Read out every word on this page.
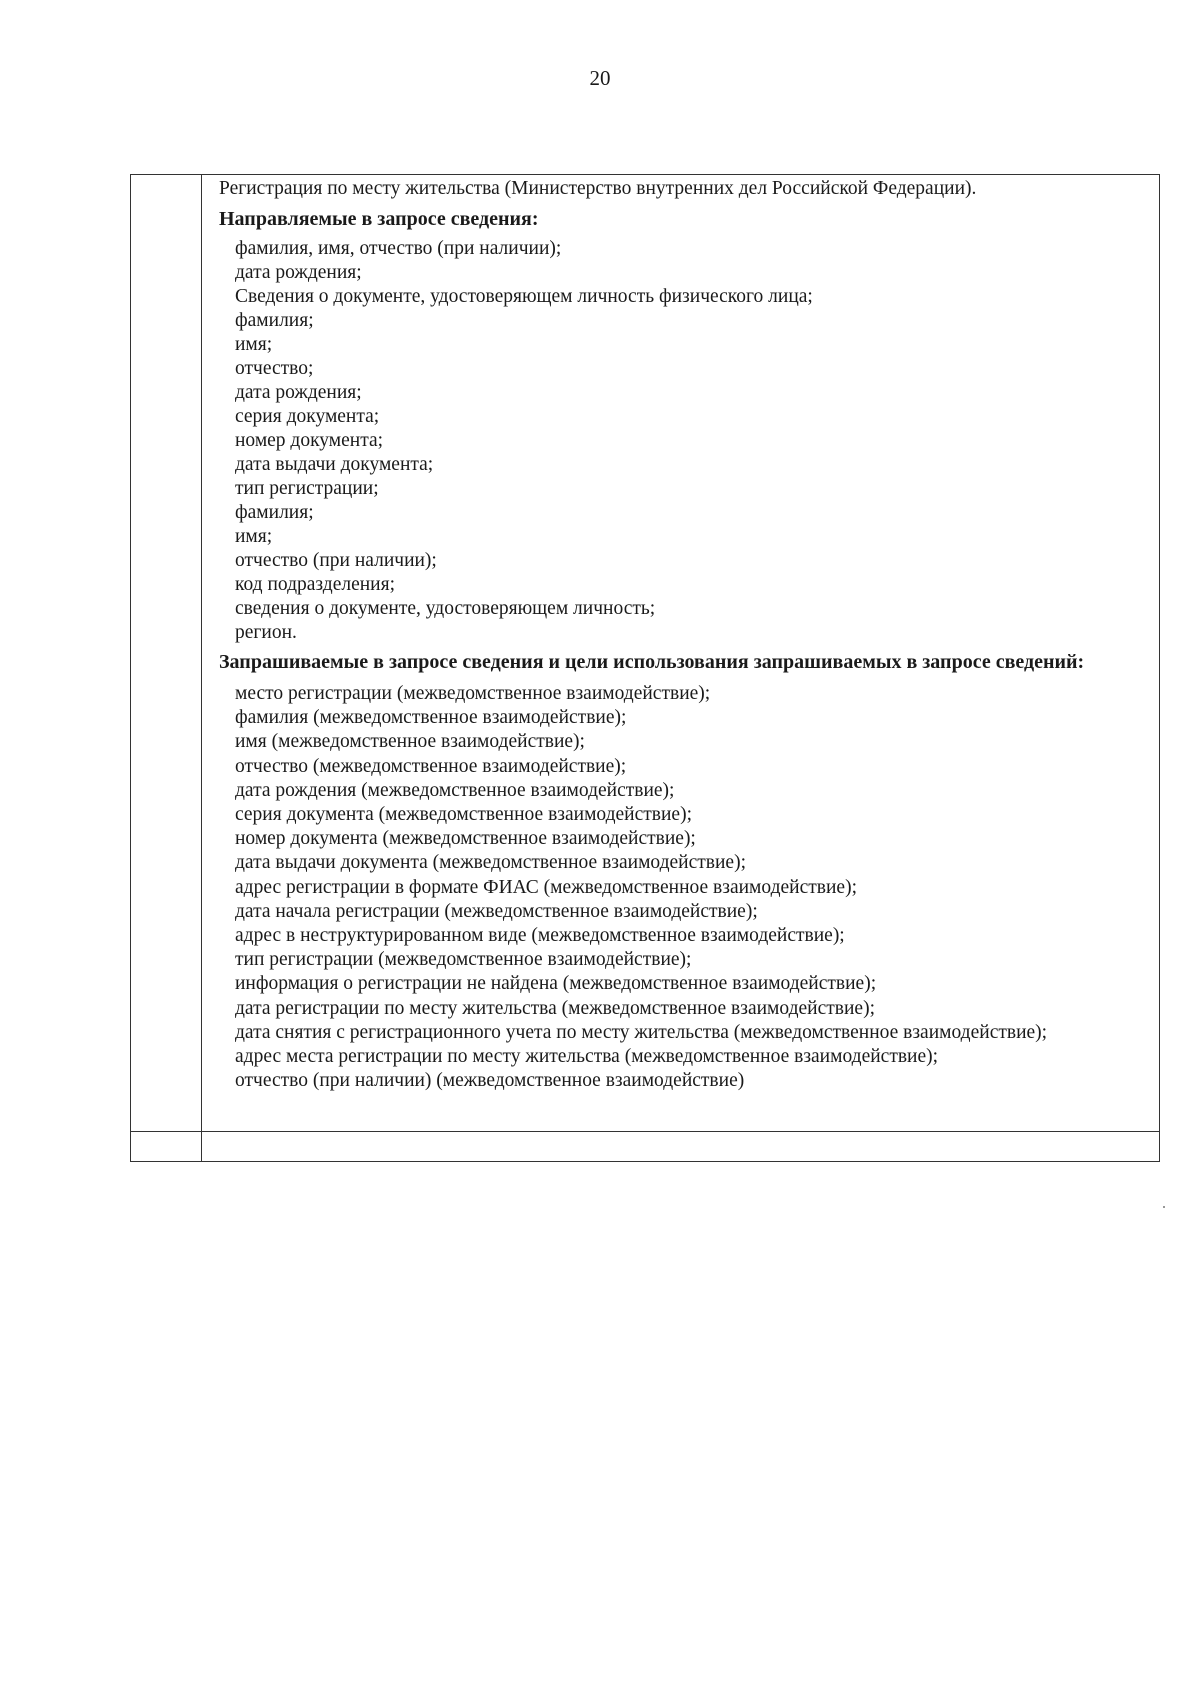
20
Регистрация по месту жительства (Министерство внутренних дел Российской Федерации).
Направляемые в запросе сведения:
фамилия, имя, отчество (при наличии);
дата рождения;
Сведения о документе, удостоверяющем личность физического лица;
фамилия;
имя;
отчество;
дата рождения;
серия документа;
номер документа;
дата выдачи документа;
тип регистрации;
фамилия;
имя;
отчество (при наличии);
код подразделения;
сведения о документе, удостоверяющем личность;
регион.
Запрашиваемые в запросе сведения и цели использования запрашиваемых в запросе сведений:
место регистрации (межведомственное взаимодействие);
фамилия (межведомственное взаимодействие);
имя (межведомственное взаимодействие);
отчество (межведомственное взаимодействие);
дата рождения (межведомственное взаимодействие);
серия документа (межведомственное взаимодействие);
номер документа (межведомственное взаимодействие);
дата выдачи документа (межведомственное взаимодействие);
адрес регистрации в формате ФИАС (межведомственное взаимодействие);
дата начала регистрации (межведомственное взаимодействие);
адрес в неструктурированном виде (межведомственное взаимодействие);
тип регистрации (межведомственное взаимодействие);
информация о регистрации не найдена (межведомственное взаимодействие);
дата регистрации по месту жительства (межведомственное взаимодействие);
дата снятия с регистрационного учета по месту жительства (межведомственное взаимодействие);
адрес места регистрации по месту жительства (межведомственное взаимодействие);
отчество (при наличии) (межведомственное взаимодействие)
